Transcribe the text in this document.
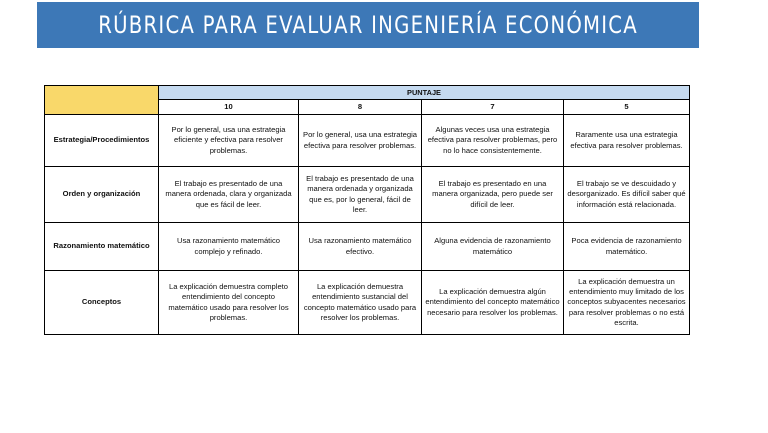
RÚBRICA PARA EVALUAR INGENIERÍA ECONÓMICA
	PUNTAJE			
	10	8	7	5
Estrategia/Procedimientos	Por lo general, usa una estrategia eficiente y efectiva para resolver problemas.	Por lo general, usa una estrategia efectiva para resolver problemas.	Algunas veces usa una estrategia efectiva para resolver problemas, pero no lo hace consistentemente.	Raramente usa una estrategia efectiva para resolver problemas.
Orden y organización	El trabajo es presentado de una manera ordenada, clara y organizada que es fácil de leer.	El trabajo es presentado de una manera ordenada y organizada que es, por lo general, fácil de leer.	El trabajo es presentado en una manera organizada, pero puede ser difícil de leer.	El trabajo se ve descuidado y desorganizado. Es difícil saber qué información está relacionada.
Razonamiento matemático	Usa razonamiento matemático complejo y refinado.	Usa razonamiento matemático efectivo.	Alguna evidencia de razonamiento matemático	Poca evidencia de razonamiento matemático.
Conceptos	La explicación demuestra completo entendimiento del concepto matemático usado para resolver los problemas.	La explicación demuestra entendimiento sustancial del concepto matemático usado para resolver los problemas.	La explicación demuestra algún entendimiento del concepto matemático necesario para resolver los problemas.	La explicación demuestra un entendimiento muy limitado de los conceptos subyacentes necesarios para resolver problemas o no está escrita.
